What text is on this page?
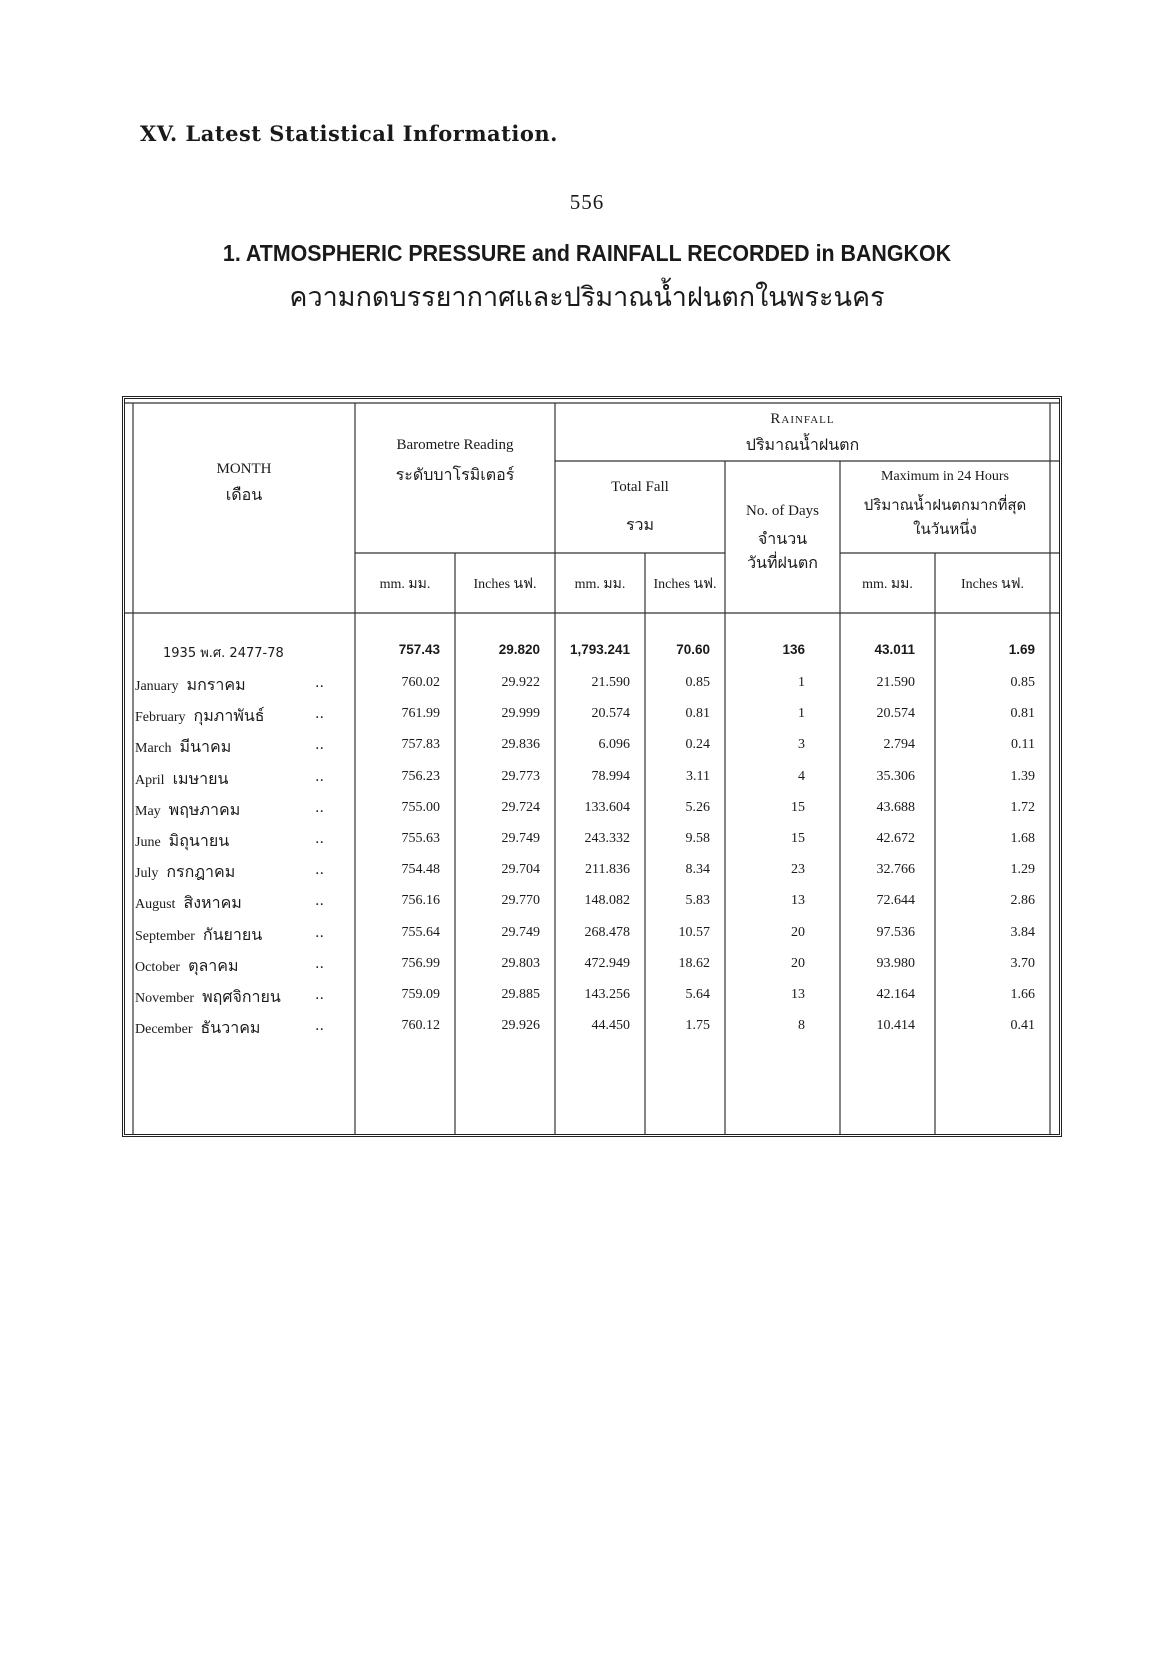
XV. Latest Statistical Information.
556
1. ATMOSPHERIC PRESSURE and RAINFALL RECORDED in BANGKOK
ความกดบรรยากาศและปริมาณน้ำฝนตกในพระนคร
MONTH
เดือน
Barometre Reading
ระดับบาโรมิเตอร์
Rainfall
ปริมาณน้ำฝนตก
Total Fall
รวม
No. of Days
จำนวน
วันที่ฝนตก
Maximum in 24 Hours
ปริมาณน้ำฝนตกมากที่สุด
ในวันหนึ่ง
mm. มม.	Inches นฟ.	mm. มม.	Inches นฟ.	mm. มม.	Inches นฟ.
1935 พ.ศ. 2477-78	757.43	29.820 1,793.241	70.60	136	43.011	1.69
January มกราคม	..	760.02	29.922	21.590	0.85	1	21.590	0.85
February กุมภาพันธ์	..	761.99	29.999	20.574	0.81	1	20.574	0.81
March มีนาคม	..	757.83	29.836	6.096	0.24	3	2.794	0.11
April เมษายน	..	756.23	29.773	78.994	3.11	4	35.306	1.39
May พฤษภาคม	..	755.00	29.724	133.604	5.26	15	43.688	1.72
June มิถุนายน	..	755.63	29.749	243.332	9.58	15	42.672	1.68
July กรกฎาคม	..	754.48	29.704	211.836	8.34	23	32.766	1.29
August สิงหาคม	..	756.16	29.770	148.082	5.83	13	72.644	2.86
September กันยายน	..	755.64	29.749	268.478	10.57	20	97.536	3.84
October ตุลาคม	..	756.99	29.803	472.949	18.62	20	93.980	3.70
November พฤศจิกายน ..	759.09	29.885	143.256	5.64	13	42.164	1.66
December ธันวาคม	..	760.12	29.926	44.450	1.75	8	10.414	0.41
